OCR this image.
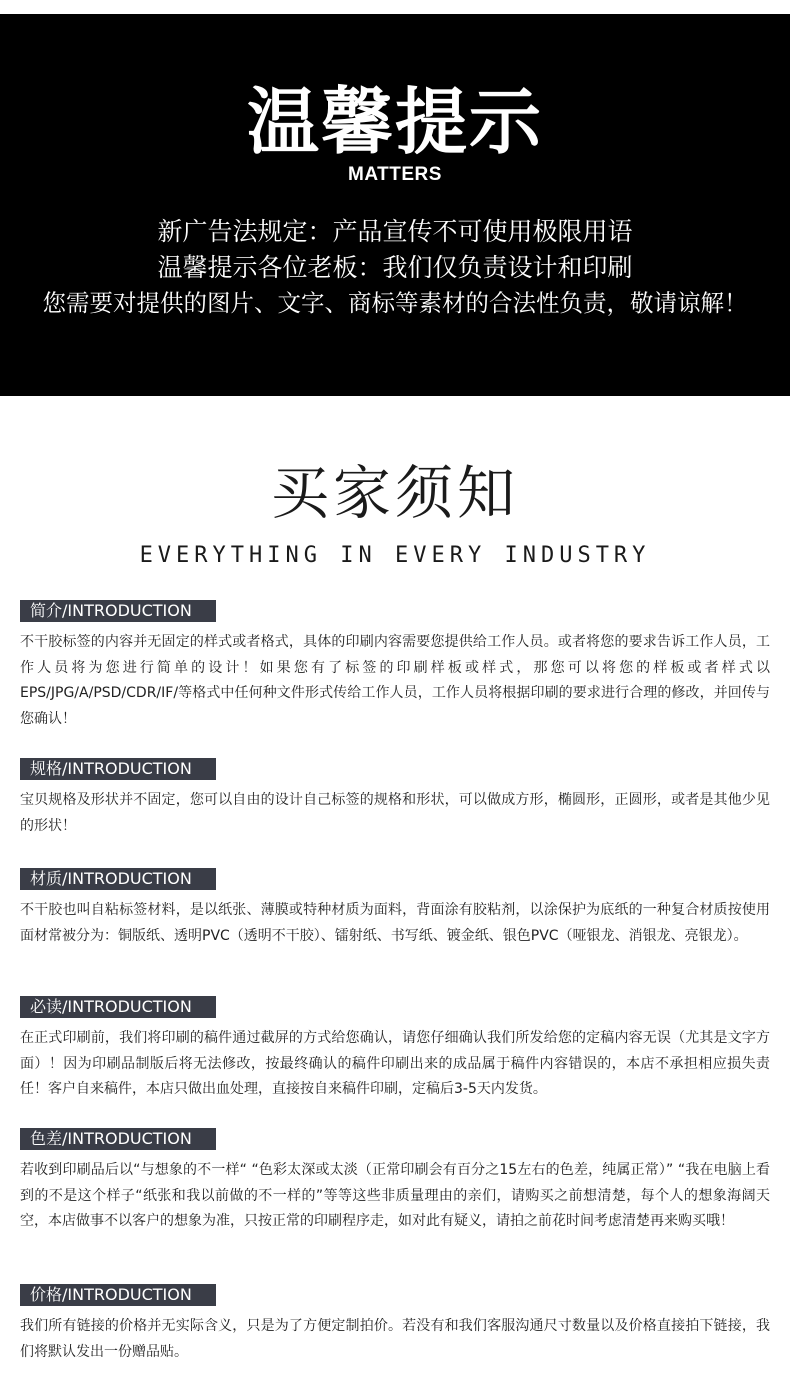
温馨提示
MATTERS
新广告法规定：产品宣传不可使用极限用语
温馨提示各位老板：我们仅负责设计和印刷
您需要对提供的图片、文字、商标等素材的合法性负责，敬请谅解！
买家须知
EVERYTHING IN EVERY INDUSTRY
简介/INTRODUCTION
不干胶标签的内容并无固定的样式或者格式，具体的印刷内容需要您提供给工作人员。或者将您的要求告诉工作人员，工作人员将为您进行简单的设计！如果您有了标签的印刷样板或样式，那您可以将您的样板或者样式以EPS/JPG/A/PSD/CDR/IF/等格式中任何种文件形式传给工作人员，工作人员将根据印刷的要求进行合理的修改，并回传与您确认！
规格/INTRODUCTION
宝贝规格及形状并不固定，您可以自由的设计自己标签的规格和形状，可以做成方形，椭圆形，正圆形，或者是其他少见的形状！
材质/INTRODUCTION
不干胶也叫自粘标签材料，是以纸张、薄膜或特种材质为面料，背面涂有胶粘剂，以涂保护为底纸的一种复合材质按使用面材常被分为：铜版纸、透明PVC（透明不干胶）、镭射纸、书写纸、镀金纸、银色PVC（哑银龙、消银龙、亮银龙）。
必读/INTRODUCTION
在正式印刷前，我们将印刷的稿件通过截屏的方式给您确认，请您仔细确认我们所发给您的定稿内容无误（尤其是文字方面）！因为印刷品制版后将无法修改，按最终确认的稿件印刷出来的成品属于稿件内容错误的，本店不承担相应损失责任！客户自来稿件，本店只做出血处理，直接按自来稿件印刷，定稿后3-5天内发货。
色差/INTRODUCTION
若收到印刷品后以“与想象的不一样“ “色彩太深或太淡（正常印刷会有百分之15左右的色差，纯属正常）” “我在电脑上看到的不是这个样子“纸张和我以前做的不一样的”等等这些非质量理由的亲们，请购买之前想清楚，每个人的想象海阔天空，本店做事不以客户的想象为准，只按正常的印刷程序走，如对此有疑义，请拍之前花时间考虑清楚再来购买哦！
价格/INTRODUCTION
我们所有链接的价格并无实际含义，只是为了方便定制拍价。若没有和我们客服沟通尺寸数量以及价格直接拍下链接，我们将默认发出一份赠品贴。
